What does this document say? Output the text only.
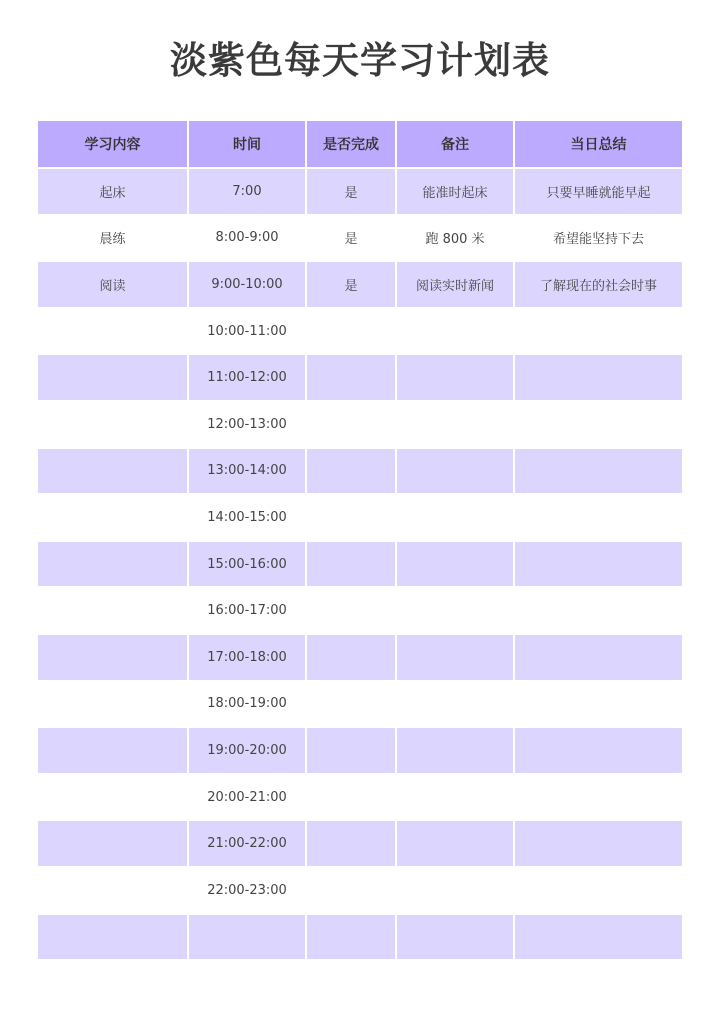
淡紫色每天学习计划表
学习内容	时间	是否完成	备注	当日总结
起床	7:00	是	能准时起床	只要早睡就能早起
晨练	8:00-9:00	是	跑 800 米	希望能坚持下去
阅读	9:00-10:00	是	阅读实时新闻	了解现在的社会时事
	10:00-11:00			
	11:00-12:00			
	12:00-13:00			
	13:00-14:00			
	14:00-15:00			
	15:00-16:00			
	16:00-17:00			
	17:00-18:00			
	18:00-19:00			
	19:00-20:00			
	20:00-21:00			
	21:00-22:00			
	22:00-23:00			
